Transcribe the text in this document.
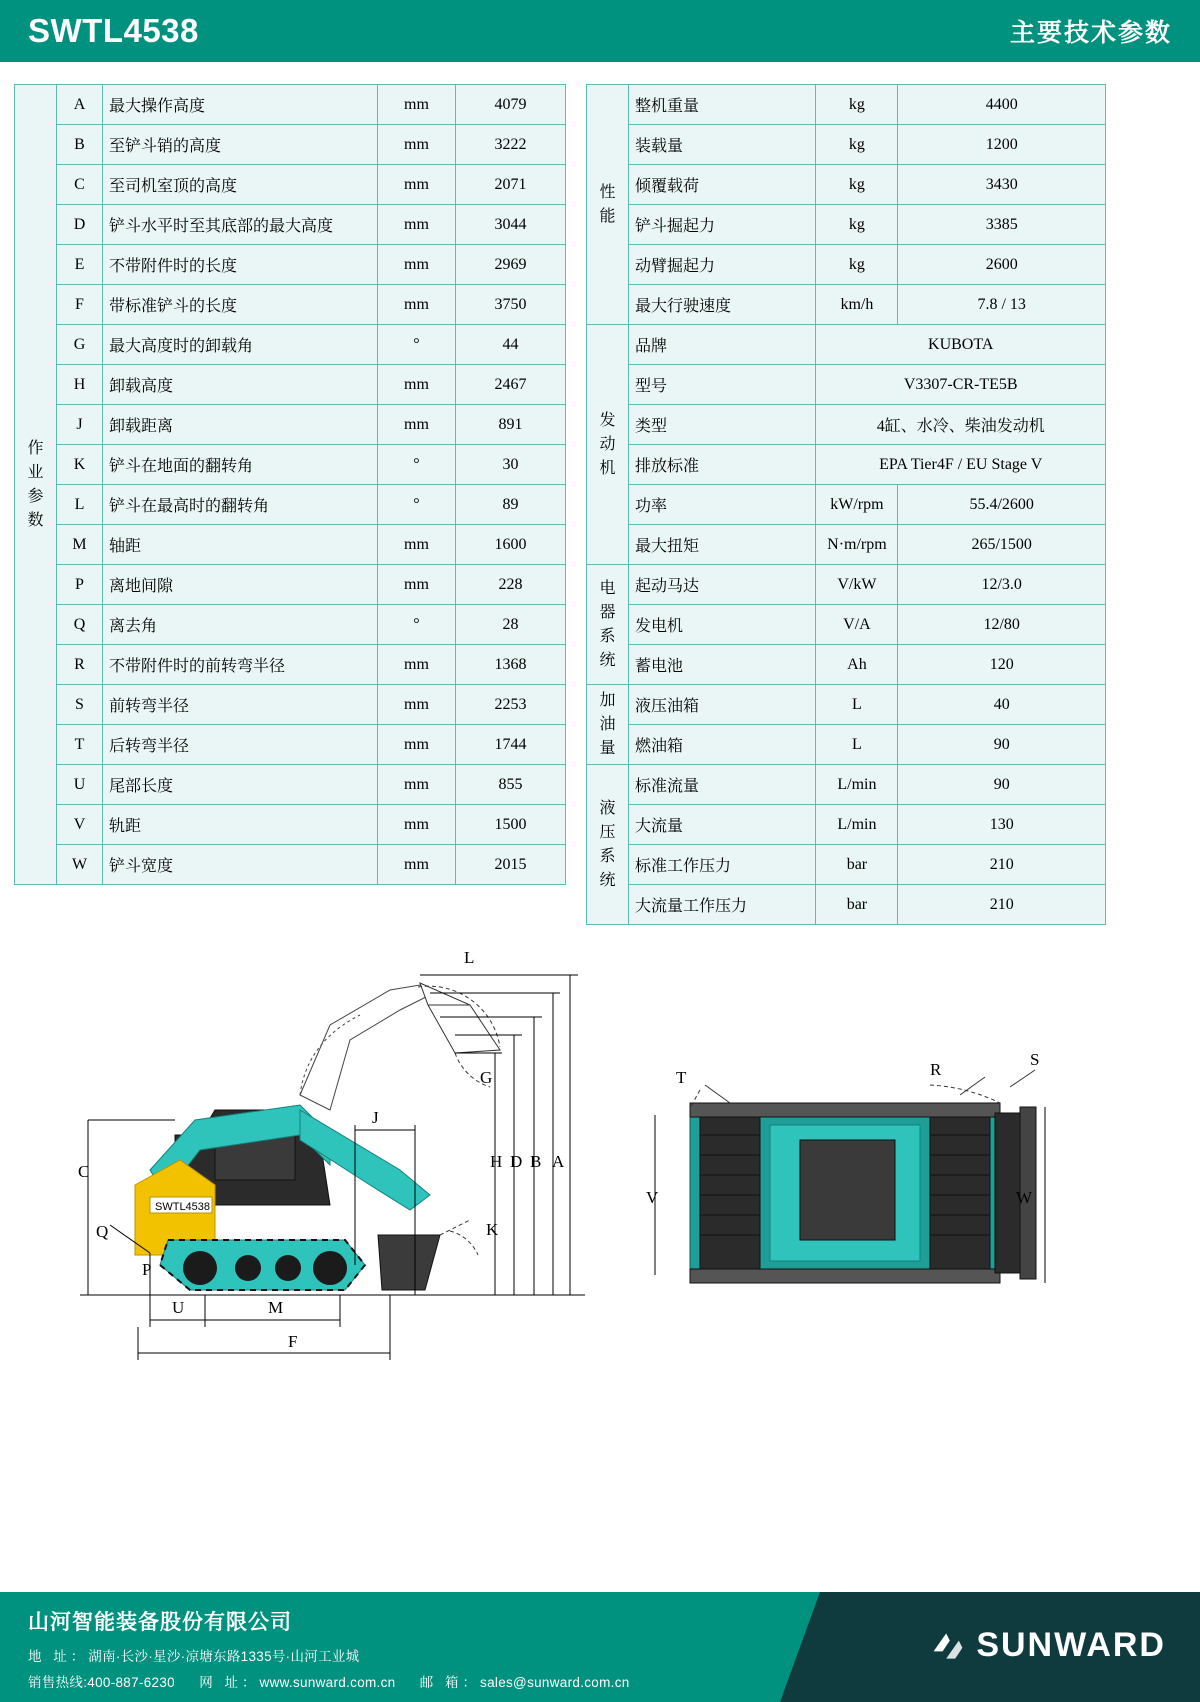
SWTL4538	主要技术参数
作
业
参
数	A	最大操作高度	mm	4079
	B	至铲斗销的高度	mm	3222
	C	至司机室顶的高度	mm	2071
	D	铲斗水平时至其底部的最大高度	mm	3044
	E	不带附件时的长度	mm	2969
	F	带标准铲斗的长度	mm	3750
	G	最大高度时的卸载角	°	44
	H	卸载高度	mm	2467
	J	卸载距离	mm	891
	K	铲斗在地面的翻转角	°	30
	L	铲斗在最高时的翻转角	°	89
	M	轴距	mm	1600
	P	离地间隙	mm	228
	Q	离去角	°	28
	R	不带附件时的前转弯半径	mm	1368
	S	前转弯半径	mm	2253
	T	后转弯半径	mm	1744
	U	尾部长度	mm	855
	V	轨距	mm	1500
	W	铲斗宽度	mm	2015
性
能	整机重量	kg	4400
	装载量	kg	1200
	倾覆载荷	kg	3430
	铲斗掘起力	kg	3385
	动臂掘起力	kg	2600
	最大行驶速度	km/h	7.8 / 13

发
动
机	品牌	KUBOTA	
	型号	V3307-CR-TE5B	
	类型	4缸、水冷、柴油发动机	
	排放标准	EPA Tier4F / EU Stage V	
	功率	kW/rpm	55.4/2600
	最大扭矩	N·m/rpm	265/1500

电
器
系
统	起动马达	V/kW	12/3.0
	发电机	V/A	12/80
	蓄电池	Ah	120

加
油
量	液压油箱	L	40
	燃油箱	L	90

液
压
系
统	标准流量	L/min	90
	大流量	L/min	130
	标准工作压力	bar	210
	大流量工作压力	bar	210
SWTL4538
L
G
J
H D B A
C
Q
P
K
U	M
F
R
S
T
V	W
山河智能装备股份有限公司
地 址：湖南·长沙·星沙·凉塘东路1335号·山河工业城
销售热线:400-887-6230 网 址：www.sunward.com.cn 邮 箱：sales@sunward.com.cn
SUNWARD
